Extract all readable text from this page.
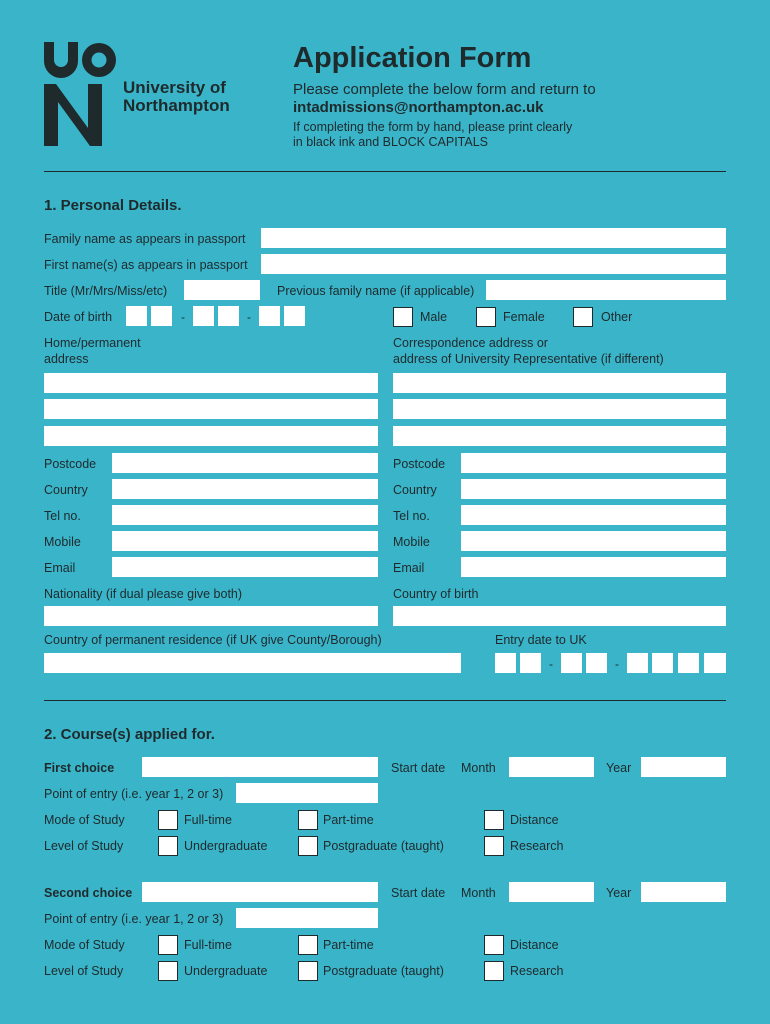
University of
Northampton
Application Form
Please complete the below form and return to
intadmissions@northampton.ac.uk
If completing the form by hand, please print clearly
in black ink and BLOCK CAPITALS
1. Personal Details.
Family name as appears in passport
First name(s) as appears in passport
Title (Mr/Mrs/Miss/etc)	Previous family name (if applicable)
Date of birth	-	-	Male	Female	Other
Home/permanent
address
Correspondence address or
address of University Representative (if different)
Postcode	Postcode
Country	Country
Tel no.	Tel no.
Mobile	Mobile
Email	Email
Nationality (if dual please give both)	Country of birth
Country of permanent residence (if UK give County/Borough)	Entry date to UK
-	-
2. Course(s) applied for.
First choice	Start date Month	Year
Point of entry (i.e. year 1, 2 or 3)
Mode of Study	Full-time	Part-time	Distance
Level of Study	Undergraduate	Postgraduate (taught)	Research
Second choice	Start date Month	Year
Point of entry (i.e. year 1, 2 or 3)
Mode of Study	Full-time	Part-time	Distance
Level of Study	Undergraduate	Postgraduate (taught)	Research
